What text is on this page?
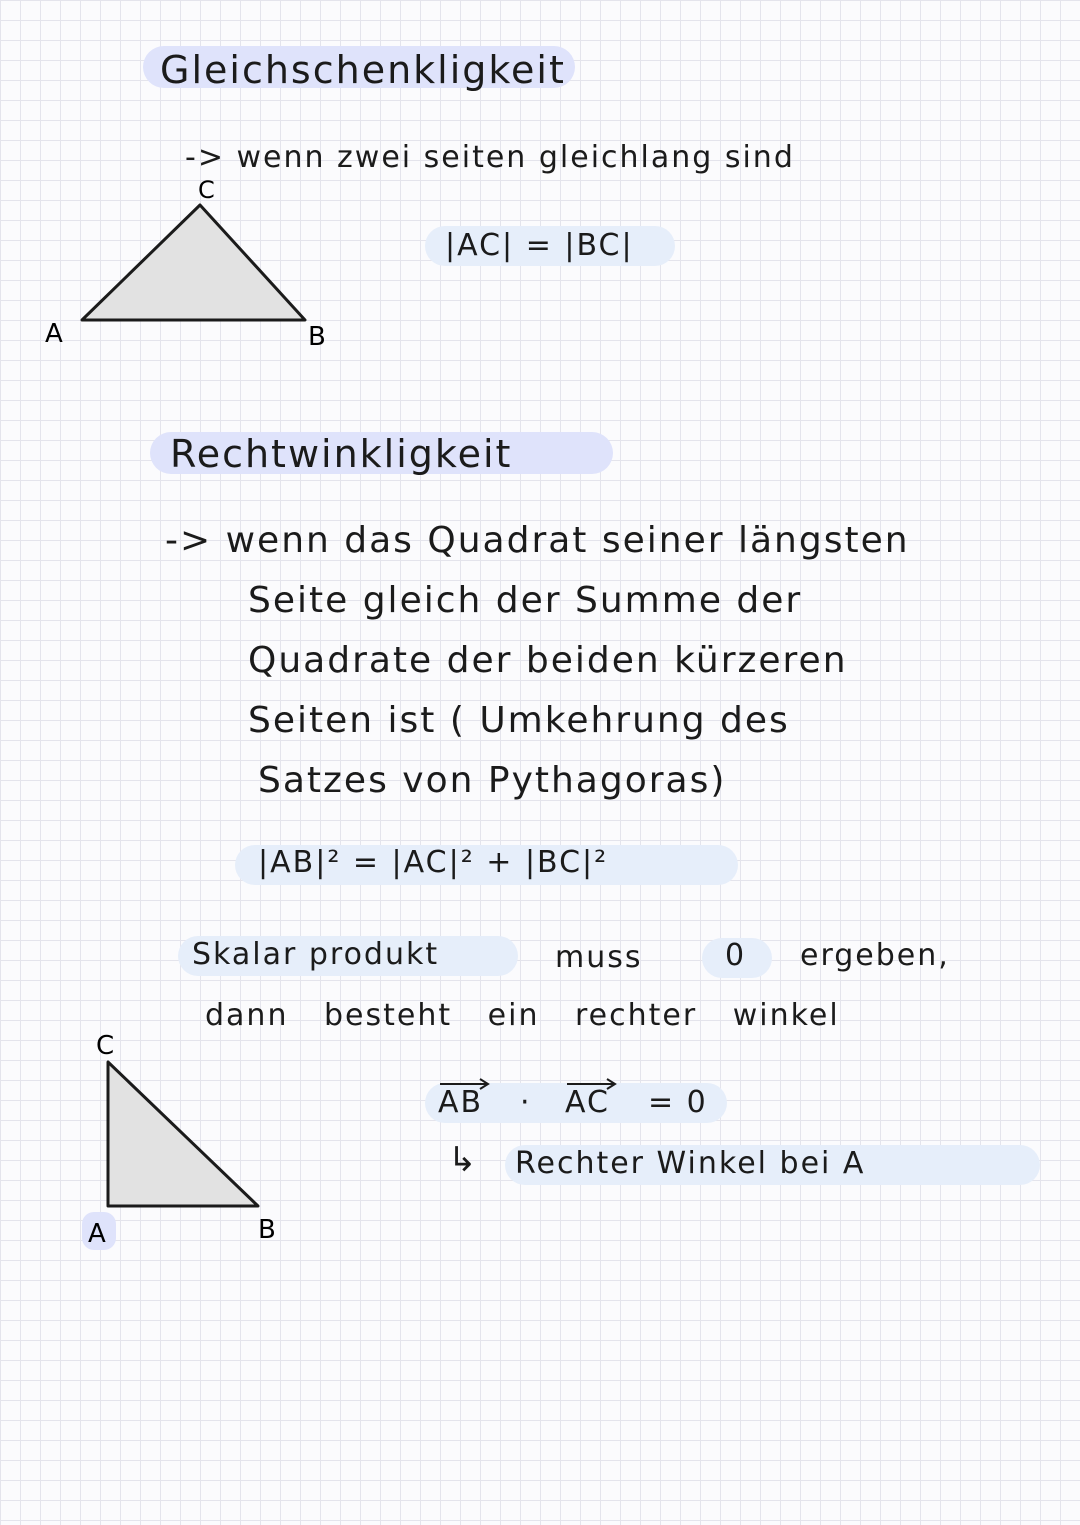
Gleichschenkligkeit
-> wenn zwei seiten gleichlang sind
|AC| = |BC|
A	B
C
Rechtwinkligkeit
-> wenn das Quadrat seiner längsten
Seite gleich der Summe der
Quadrate der beiden kürzeren
Seiten ist ( Umkehrung des
Satzes von Pythagoras)
|AB|² = |AC|² + |BC|²
Skalar produkt	muss	0 ergeben,
dann besteht ein rechter winkel
AB · AC = 0
↳ Rechter Winkel bei A
A	B
C
